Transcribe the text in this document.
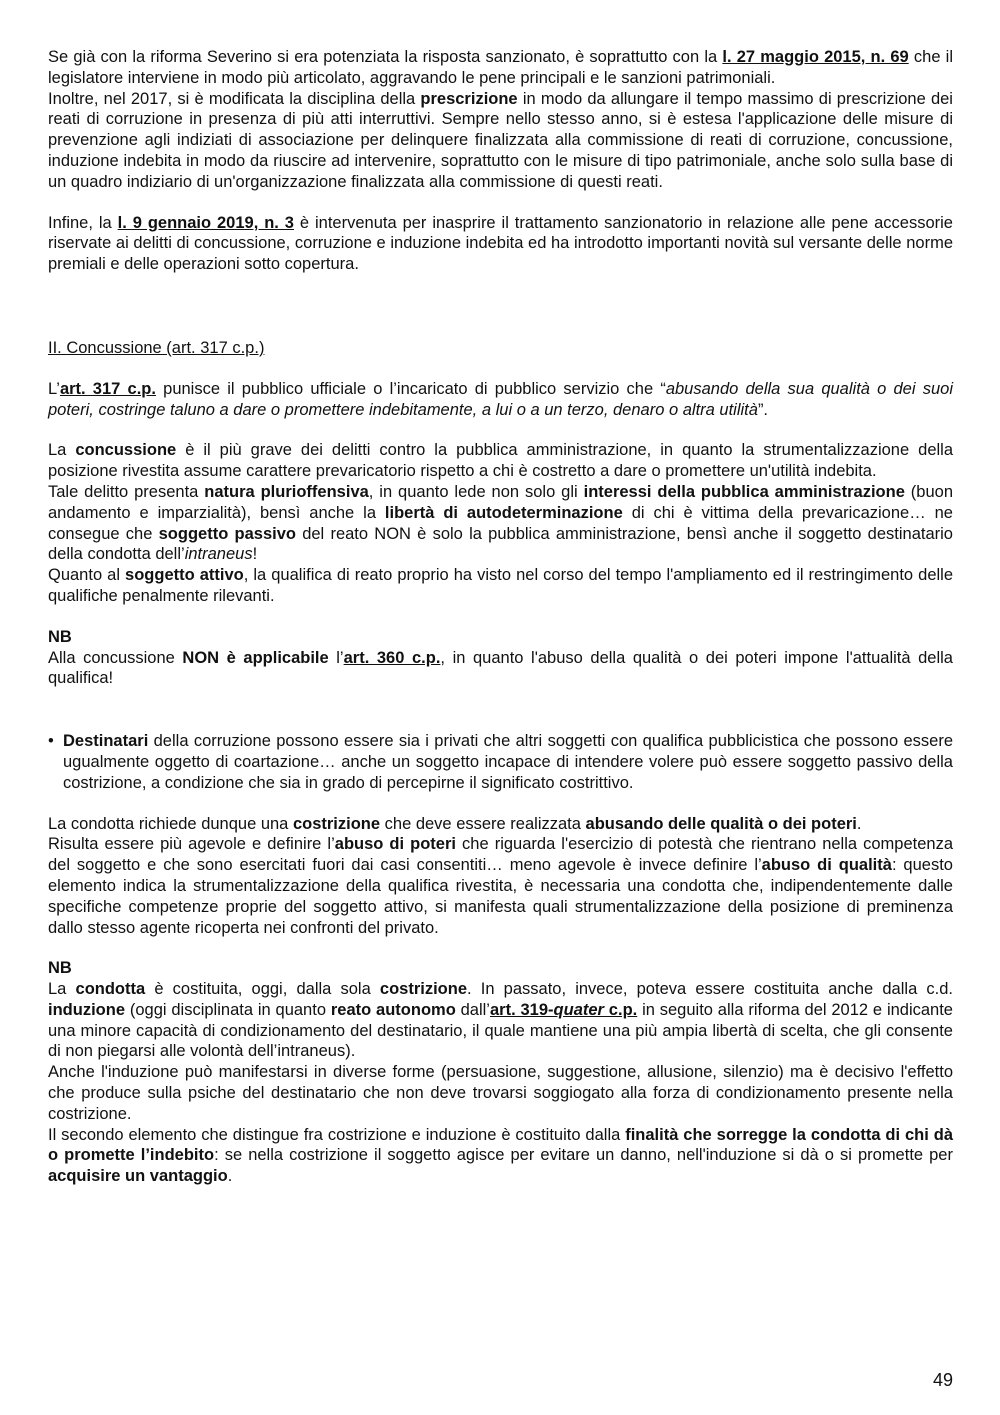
Se già con la riforma Severino si era potenziata la risposta sanzionato, è soprattutto con la l. 27 maggio 2015, n. 69 che il legislatore interviene in modo più articolato, aggravando le pene principali e le sanzioni patrimoniali.

Inoltre, nel 2017, si è modificata la disciplina della prescrizione in modo da allungare il tempo massimo di prescrizione dei reati di corruzione in presenza di più atti interruttivi. Sempre nello stesso anno, si è estesa l'applicazione delle misure di prevenzione agli indiziati di associazione per delinquere finalizzata alla commissione di reati di corruzione, concussione, induzione indebita in modo da riuscire ad intervenire, soprattutto con le misure di tipo patrimoniale, anche solo sulla base di un quadro indiziario di un'organizzazione finalizzata alla commissione di questi reati.

Infine, la l. 9 gennaio 2019, n. 3 è intervenuta per inasprire il trattamento sanzionatorio in relazione alle pene accessorie riservate ai delitti di concussione, corruzione e induzione indebita ed ha introdotto importanti novità sul versante delle norme premiali e delle operazioni sotto copertura.

II. Concussione (art. 317 c.p.)

L’art. 317 c.p. punisce il pubblico ufficiale o l’incaricato di pubblico servizio che “abusando della sua qualità o dei suoi poteri, costringe taluno a dare o promettere indebitamente, a lui o a un terzo, denaro o altra utilità”.

La concussione è il più grave dei delitti contro la pubblica amministrazione, in quanto la strumentalizzazione della posizione rivestita assume carattere prevaricatorio rispetto a chi è costretto a dare o promettere un'utilità indebita.

Tale delitto presenta natura plurioffensiva, in quanto lede non solo gli interessi della pubblica amministrazione (buon andamento e imparzialità), bensì anche la libertà di autodeterminazione di chi è vittima della prevaricazione… ne consegue che soggetto passivo del reato NON è solo la pubblica amministrazione, bensì anche il soggetto destinatario della condotta dell’intraneus!

Quanto al soggetto attivo, la qualifica di reato proprio ha visto nel corso del tempo l'ampliamento ed il restringimento delle qualifiche penalmente rilevanti.

NB

Alla concussione NON è applicabile l’art. 360 c.p., in quanto l'abuso della qualità o dei poteri impone l'attualità della qualifica!

• Destinatari della corruzione possono essere sia i privati che altri soggetti con qualifica pubblicistica che possono essere ugualmente oggetto di coartazione… anche un soggetto incapace di intendere volere può essere soggetto passivo della costrizione, a condizione che sia in grado di percepirne il significato costrittivo.

La condotta richiede dunque una costrizione che deve essere realizzata abusando delle qualità o dei poteri.

Risulta essere più agevole e definire l’abuso di poteri che riguarda l'esercizio di potestà che rientrano nella competenza del soggetto e che sono esercitati fuori dai casi consentiti… meno agevole è invece definire l’abuso di qualità: questo elemento indica la strumentalizzazione della qualifica rivestita, è necessaria una condotta che, indipendentemente dalle specifiche competenze proprie del soggetto attivo, si manifesta quali strumentalizzazione della posizione di preminenza dallo stesso agente ricoperta nei confronti del privato.

NB

La condotta è costituita, oggi, dalla sola costrizione. In passato, invece, poteva essere costituita anche dalla c.d. induzione (oggi disciplinata in quanto reato autonomo dall’art. 319-quater c.p. in seguito alla riforma del 2012 e indicante una minore capacità di condizionamento del destinatario, il quale mantiene una più ampia libertà di scelta, che gli consente di non piegarsi alle volontà dell’intraneus).

Anche l'induzione può manifestarsi in diverse forme (persuasione, suggestione, allusione, silenzio) ma è decisivo l'effetto che produce sulla psiche del destinatario che non deve trovarsi soggiogato alla forza di condizionamento presente nella costrizione.

Il secondo elemento che distingue fra costrizione e induzione è costituito dalla finalità che sorregge la condotta di chi dà o promette l’indebito: se nella costrizione il soggetto agisce per evitare un danno, nell'induzione si dà o si promette per acquisire un vantaggio.

49
